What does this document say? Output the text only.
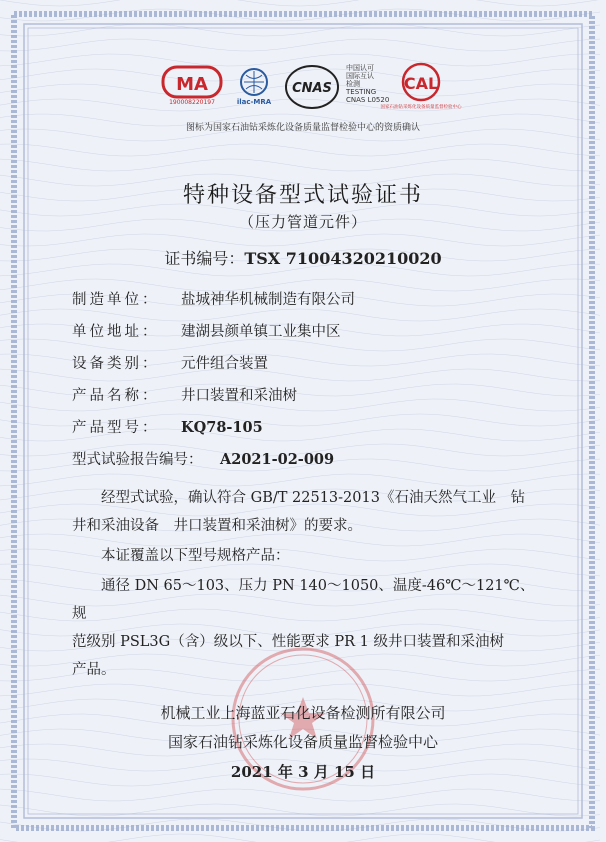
MA
190008220197	ilac-MRA
CNAS
中国认可
国际互认
检测
TESTING
CNAS L0520
CAL
国家石油钻采炼化设备质量监督检验中心
图标为国家石油钻采炼化设备质量监督检验中心的资质确认
特种设备型式试验证书
（压力管道元件）
证书编号：TSX 71004320210020
制造单位： 盐城神华机械制造有限公司
单位地址： 建湖县颜单镇工业集中区
设备类别： 元件组合装置
产品名称： 井口装置和采油树
产品型号： KQ78-105
型式试验报告编号： A2021-02-009
　　经型式试验，确认符合 GB/T 22513-2013《石油天然气工业　钻
井和采油设备　井口装置和采油树》的要求。
　　本证覆盖以下型号规格产品：
　　通径 DN 65～103、压力 PN 140～1050、温度-46℃～121℃、规
范级别 PSL3G（含）级以下、性能要求 PR 1 级井口装置和采油树
产品。
机械工业上海蓝亚石化设备检测所有限公司
国家石油钻采炼化设备质量监督检验中心
2021 年 3 月 15 日
